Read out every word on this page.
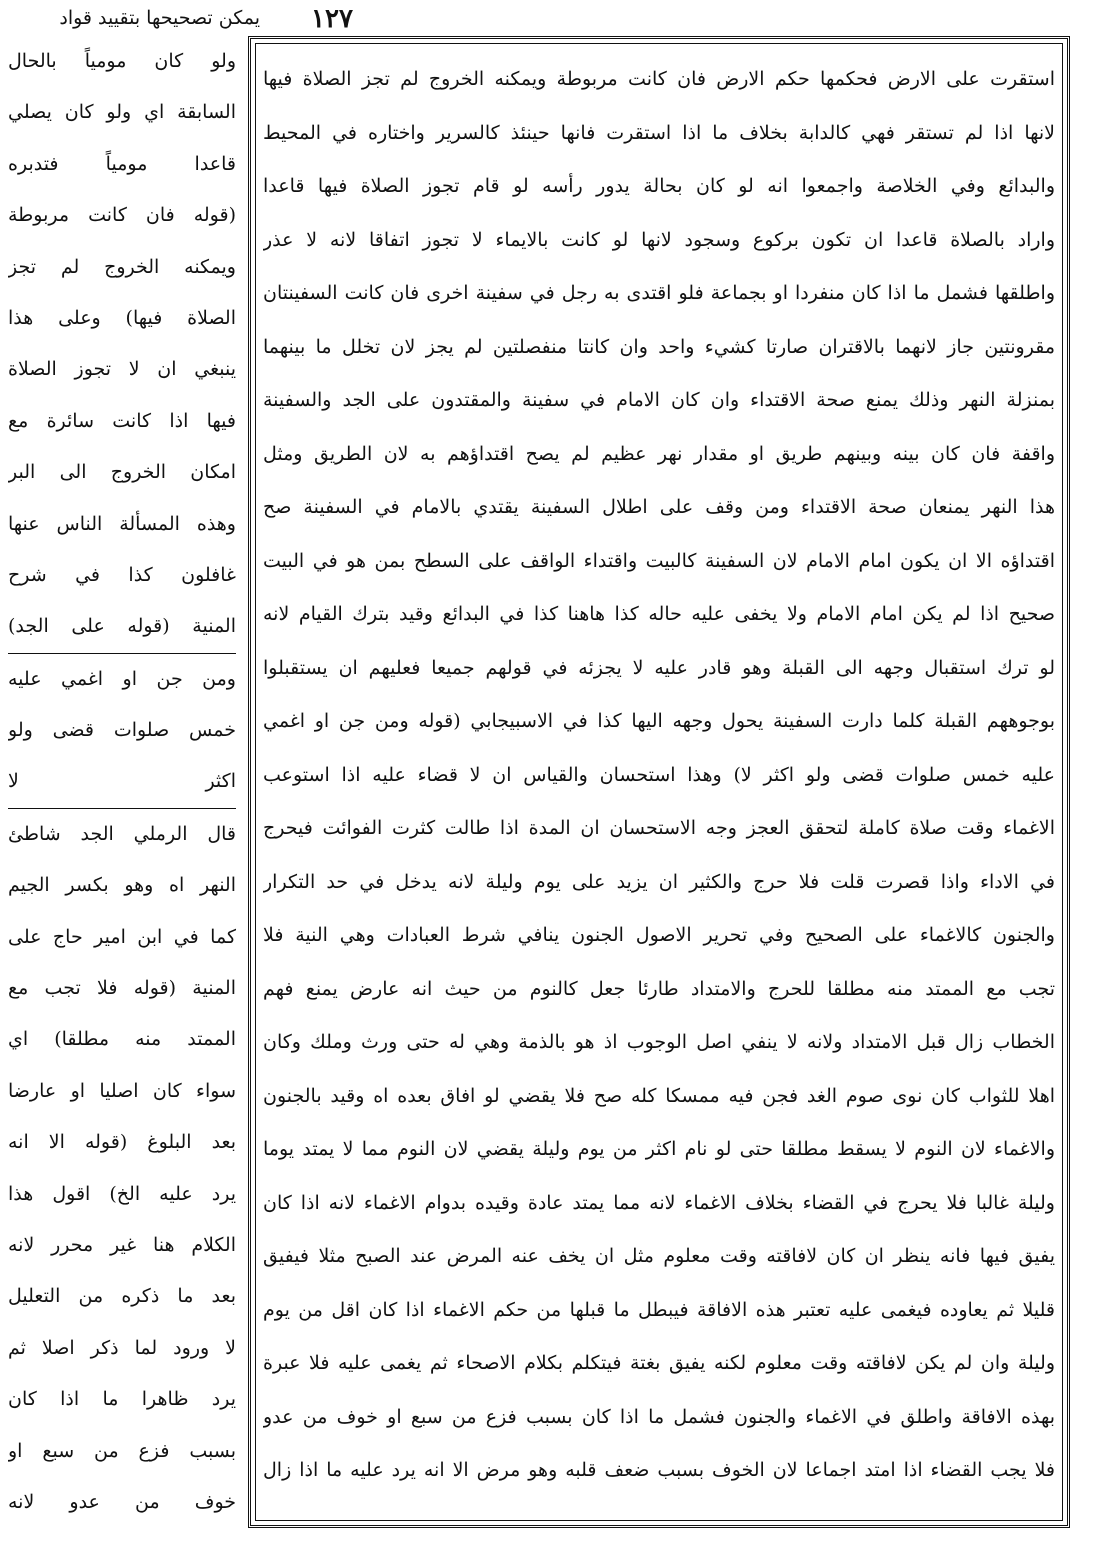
١٢٧
يمكن تصحيحها بتقييد قواد
استقرت على الارض فحكمها حكم الارض فان كانت مربوطة ويمكنه الخروج لم تجز الصلاة فيها
لانها اذا لم تستقر فهي كالدابة بخلاف ما اذا استقرت فانها حينئذ كالسرير واختاره في المحيط
والبدائع وفي الخلاصة واجمعوا انه لو كان بحالة يدور رأسه لو قام تجوز الصلاة فيها قاعدا
واراد بالصلاة قاعدا ان تكون بركوع وسجود لانها لو كانت بالايماء لا تجوز اتفاقا لانه لا عذر
واطلقها فشمل ما اذا كان منفردا او بجماعة فلو اقتدى به رجل في سفينة اخرى فان كانت السفينتان
مقرونتين جاز لانهما بالاقتران صارتا كشيء واحد وان كانتا منفصلتين لم يجز لان تخلل ما بينهما
بمنزلة النهر وذلك يمنع صحة الاقتداء وان كان الامام في سفينة والمقتدون على الجد والسفينة
واقفة فان كان بينه وبينهم طريق او مقدار نهر عظيم لم يصح اقتداؤهم به لان الطريق ومثل
هذا النهر يمنعان صحة الاقتداء ومن وقف على اطلال السفينة يقتدي بالامام في السفينة صح
اقتداؤه الا ان يكون امام الامام لان السفينة كالبيت واقتداء الواقف على السطح بمن هو في البيت
صحيح اذا لم يكن امام الامام ولا يخفى عليه حاله كذا هاهنا كذا في البدائع وقيد بترك القيام لانه
لو ترك استقبال وجهه الى القبلة وهو قادر عليه لا يجزئه في قولهم جميعا فعليهم ان يستقبلوا
بوجوههم القبلة كلما دارت السفينة يحول وجهه اليها كذا في الاسبيجابي (قوله ومن جن او اغمي
عليه خمس صلوات قضى ولو اكثر لا) وهذا استحسان والقياس ان لا قضاء عليه اذا استوعب
الاغماء وقت صلاة كاملة لتحقق العجز وجه الاستحسان ان المدة اذا طالت كثرت الفوائت فيحرج
في الاداء واذا قصرت قلت فلا حرج والكثير ان يزيد على يوم وليلة لانه يدخل في حد التكرار
والجنون كالاغماء على الصحيح وفي تحرير الاصول الجنون ينافي شرط العبادات وهي النية فلا
تجب مع الممتد منه مطلقا للحرج والامتداد طارئا جعل كالنوم من حيث انه عارض يمنع فهم
الخطاب زال قبل الامتداد ولانه لا ينفي اصل الوجوب اذ هو بالذمة وهي له حتى ورث وملك وكان
اهلا للثواب كان نوى صوم الغد فجن فيه ممسكا كله صح فلا يقضي لو افاق بعده اه وقيد بالجنون
والاغماء لان النوم لا يسقط مطلقا حتى لو نام اكثر من يوم وليلة يقضي لان النوم مما لا يمتد يوما
وليلة غالبا فلا يحرج في القضاء بخلاف الاغماء لانه مما يمتد عادة وقيده بدوام الاغماء لانه اذا كان
يفيق فيها فانه ينظر ان كان لافاقته وقت معلوم مثل ان يخف عنه المرض عند الصبح مثلا فيفيق
قليلا ثم يعاوده فيغمى عليه تعتبر هذه الافاقة فيبطل ما قبلها من حكم الاغماء اذا كان اقل من يوم
وليلة وان لم يكن لافاقته وقت معلوم لكنه يفيق بغتة فيتكلم بكلام الاصحاء ثم يغمى عليه فلا عبرة
بهذه الافاقة واطلق في الاغماء والجنون فشمل ما اذا كان بسبب فزع من سبع او خوف من عدو
فلا يجب القضاء اذا امتد اجماعا لان الخوف بسبب ضعف قلبه وهو مرض الا انه يرد عليه ما اذا زال
ولو كان مومياً بالحال
السابقة اي ولو كان يصلي
قاعدا مومياً فتدبره
(قوله فان كانت مربوطة
ويمكنه الخروج لم تجز
الصلاة فيها) وعلى هذا
ينبغي ان لا تجوز الصلاة
فيها اذا كانت سائرة مع
امكان الخروج الى البر
وهذه المسألة الناس عنها
غافلون كذا في شرح
المنية (قوله على الجد)
ومن جن او اغمي عليه
خمس صلوات قضى ولو
اكثر لا
قال الرملي الجد شاطئ
النهر اه وهو بكسر الجيم
كما في ابن امير حاج على
المنية (قوله فلا تجب مع
الممتد منه مطلقا) اي
سواء كان اصليا او عارضا
بعد البلوغ (قوله الا انه
يرد عليه الخ) اقول هذا
الكلام هنا غير محرر لانه
بعد ما ذكره من التعليل
لا ورود لما ذكر اصلا ثم
يرد ظاهرا ما اذا كان
بسبب فزع من سبع او
خوف من عدو لانه
